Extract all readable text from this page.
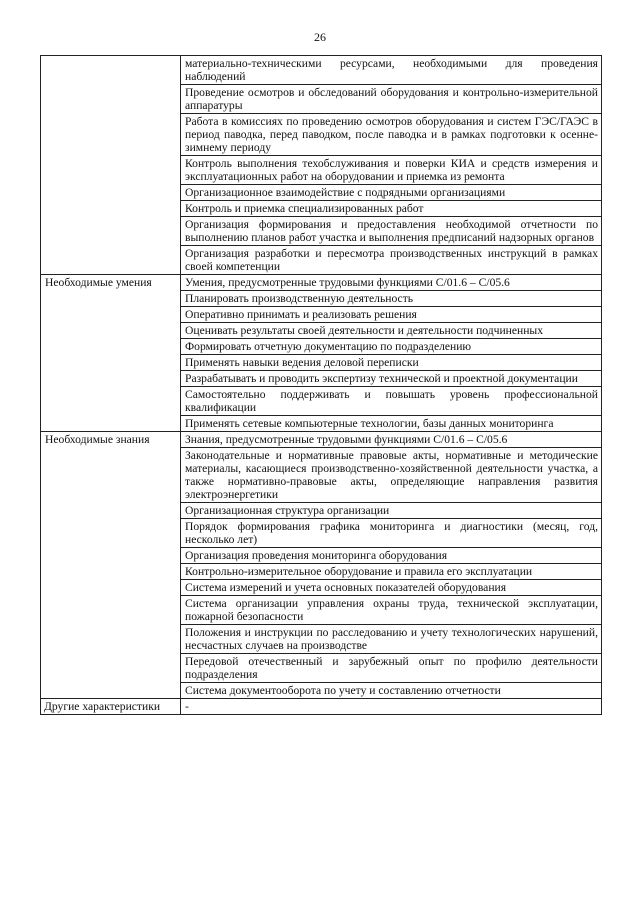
26
	материально-техническими ресурсами, необходимыми для проведения наблюдений
	Проведение осмотров и обследований оборудования и контрольно-измерительной аппаратуры
	Работа в комиссиях по проведению осмотров оборудования и систем ГЭС/ГАЭС в период паводка, перед паводком, после паводка и в рамках подготовки к осенне-зимнему периоду
	Контроль выполнения техобслуживания и поверки КИА и средств измерения и эксплуатационных работ на оборудовании и приемка из ремонта
	Организационное взаимодействие с подрядными организациями
	Контроль и приемка специализированных работ
	Организация формирования и предоставления необходимой отчетности по выполнению планов работ участка и выполнения предписаний надзорных органов
	Организация разработки и пересмотра производственных инструкций в рамках своей компетенции
Необходимые умения	Умения, предусмотренные трудовыми функциями С/01.6 – С/05.6
	Планировать производственную деятельность
	Оперативно принимать и реализовать решения
	Оценивать результаты своей деятельности и деятельности подчиненных
	Формировать отчетную документацию по подразделению
	Применять навыки ведения деловой переписки
	Разрабатывать и проводить экспертизу технической и проектной документации
	Самостоятельно поддерживать и повышать уровень профессиональной квалификации
	Применять сетевые компьютерные технологии, базы данных мониторинга
Необходимые знания	Знания, предусмотренные трудовыми функциями С/01.6 – С/05.6
	Законодательные и нормативные правовые акты, нормативные и методические материалы, касающиеся производственно-хозяйственной деятельности участка, а также нормативно-правовые акты, определяющие направления развития электроэнергетики
	Организационная структура организации
	Порядок формирования графика мониторинга и диагностики (месяц, год, несколько лет)
	Организация проведения мониторинга оборудования
	Контрольно-измерительное оборудование и правила его эксплуатации
	Система измерений и учета основных показателей оборудования
	Система организации управления охраны труда, технической эксплуатации, пожарной безопасности
	Положения и инструкции по расследованию и учету технологических нарушений, несчастных случаев на производстве
	Передовой отечественный и зарубежный опыт по профилю деятельности подразделения
	Система документооборота по учету и составлению отчетности
Другие характеристики	-
